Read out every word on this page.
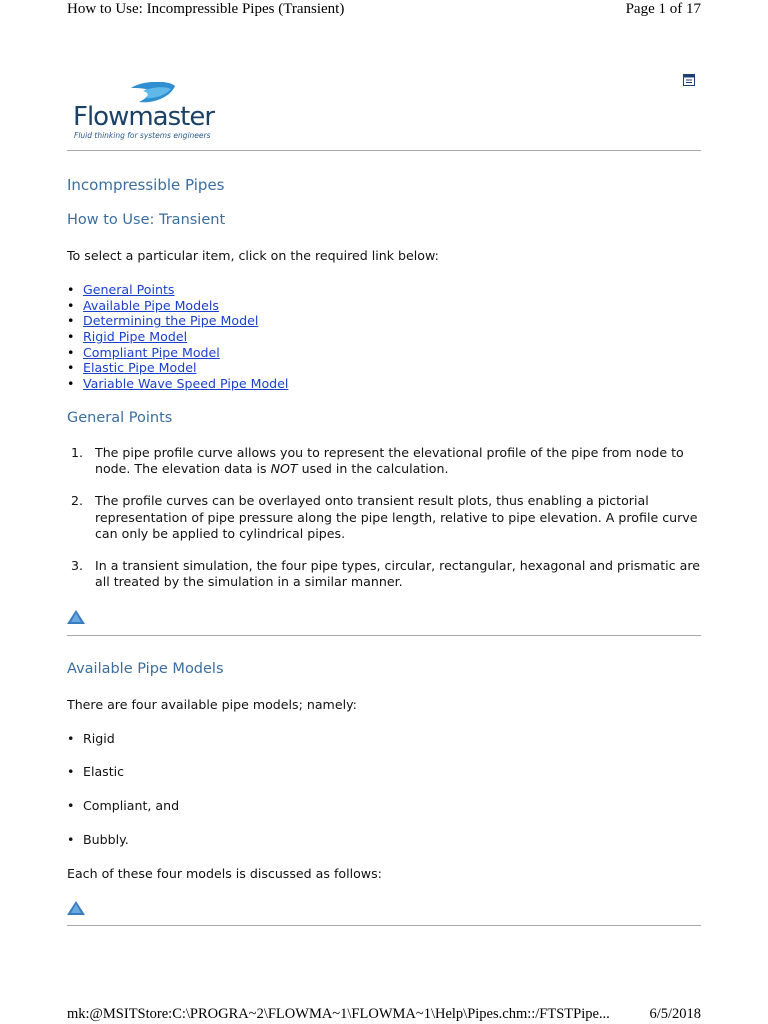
How to Use: Incompressible Pipes (Transient)	Page 1 of 17
Flowmaster
Fluid thinking for systems engineers
Incompressible Pipes
How to Use: Transient
To select a particular item, click on the required link below:
• General Points
• Available Pipe Models
• Determining the Pipe Model
• Rigid Pipe Model
• Compliant Pipe Model
• Elastic Pipe Model
• Variable Wave Speed Pipe Model
General Points
1. The pipe profile curve allows you to represent the elevational profile of the pipe from node to node. The elevation data is NOT used in the calculation.
2. The profile curves can be overlayed onto transient result plots, thus enabling a pictorial representation of pipe pressure along the pipe length, relative to pipe elevation. A profile curve can only be applied to cylindrical pipes.
3. In a transient simulation, the four pipe types, circular, rectangular, hexagonal and prismatic are all treated by the simulation in a similar manner.
Available Pipe Models
There are four available pipe models; namely:
• Rigid
• Elastic
• Compliant, and
• Bubbly.
Each of these four models is discussed as follows:
mk:@MSITStore:C:\PROGRA~2\FLOWMA~1\FLOWMA~1\Help\Pipes.chm::/FTSTPipe...	6/5/2018
